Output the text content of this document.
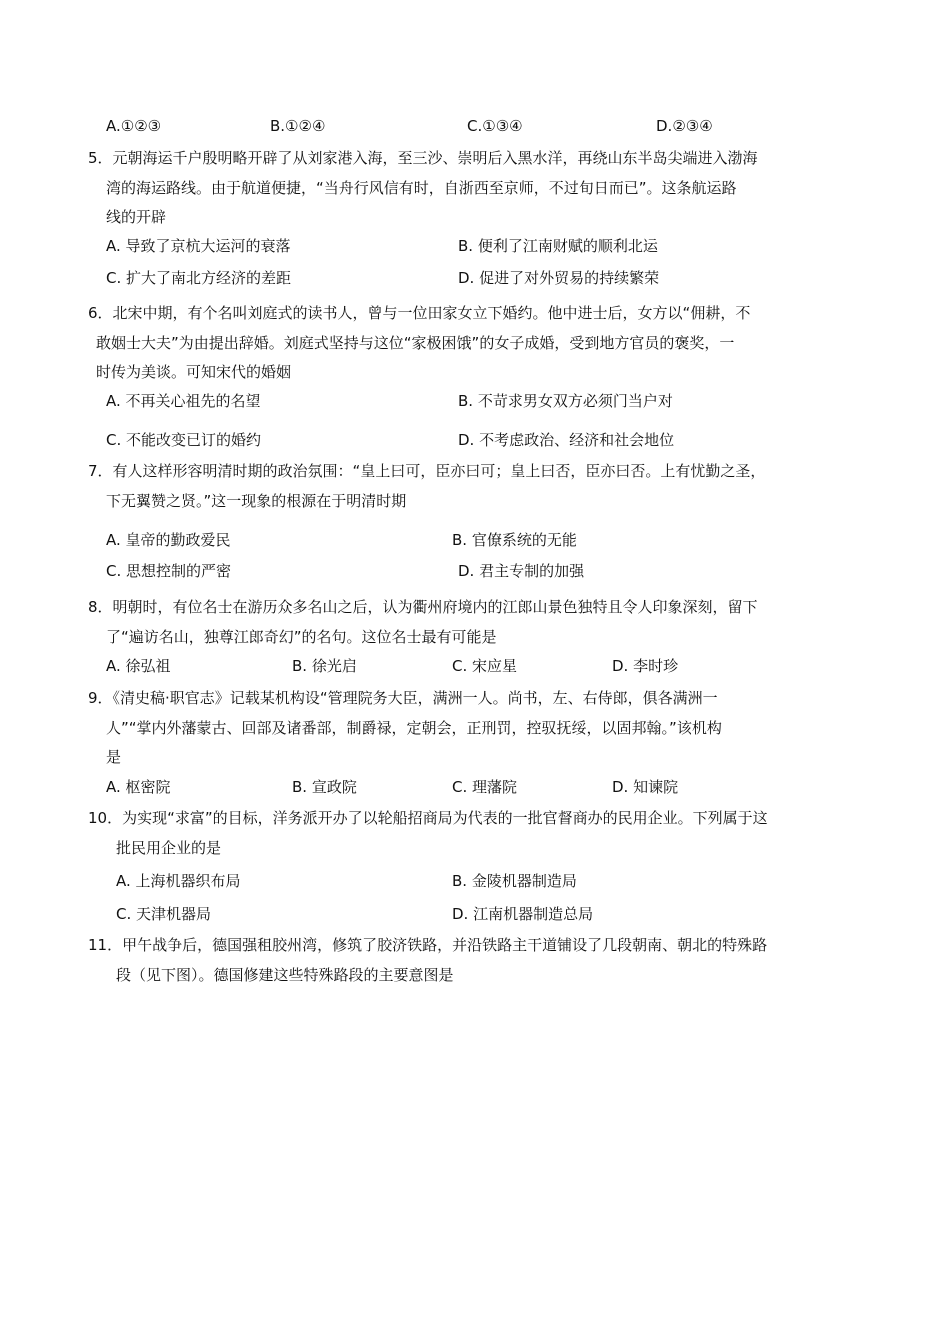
A.①②③	B.①②④	C.①③④	D.②③④
5．元朝海运千户殷明略开辟了从刘家港入海，至三沙、崇明后入黑水洋，再绕山东半岛尖端进入渤海
湾的海运路线。由于航道便捷，“当舟行风信有时，自浙西至京师，不过旬日而已”。这条航运路
线的开辟
A. 导致了京杭大运河的衰落	B. 便利了江南财赋的顺利北运
C. 扩大了南北方经济的差距	D. 促进了对外贸易的持续繁荣
6．北宋中期，有个名叫刘庭式的读书人，曾与一位田家女立下婚约。他中进士后，女方以“佣耕，不
敢姻士大夫”为由提出辞婚。刘庭式坚持与这位“家极困饿”的女子成婚，受到地方官员的褒奖，一
时传为美谈。可知宋代的婚姻
A. 不再关心祖先的名望	B. 不苛求男女双方必须门当户对
C. 不能改变已订的婚约	D. 不考虑政治、经济和社会地位
7．有人这样形容明清时期的政治氛围：“皇上曰可，臣亦曰可；皇上曰否，臣亦曰否。上有忧勤之圣，
下无翼赞之贤。”这一现象的根源在于明清时期
A. 皇帝的勤政爱民	B. 官僚系统的无能
C. 思想控制的严密	D. 君主专制的加强
8．明朝时，有位名士在游历众多名山之后，认为衢州府境内的江郎山景色独特且令人印象深刻，留下
了“遍访名山，独尊江郎奇幻”的名句。这位名士最有可能是
A. 徐弘祖	B. 徐光启	C. 宋应星	D. 李时珍
9．《清史稿·职官志》记载某机构设“管理院务大臣，满洲一人。尚书，左、右侍郎，俱各满洲一
人”“掌内外藩蒙古、回部及诸番部，制爵禄，定朝会，正刑罚，控驭抚绥，以固邦翰。”该机构
是
A. 枢密院	B. 宣政院	C. 理藩院	D. 知谏院
10．为实现“求富”的目标，洋务派开办了以轮船招商局为代表的一批官督商办的民用企业。下列属于这
批民用企业的是
A. 上海机器织布局	B. 金陵机器制造局
C. 天津机器局	D. 江南机器制造总局
11．甲午战争后，德国强租胶州湾，修筑了胶济铁路，并沿铁路主干道铺设了几段朝南、朝北的特殊路
段（见下图）。德国修建这些特殊路段的主要意图是
